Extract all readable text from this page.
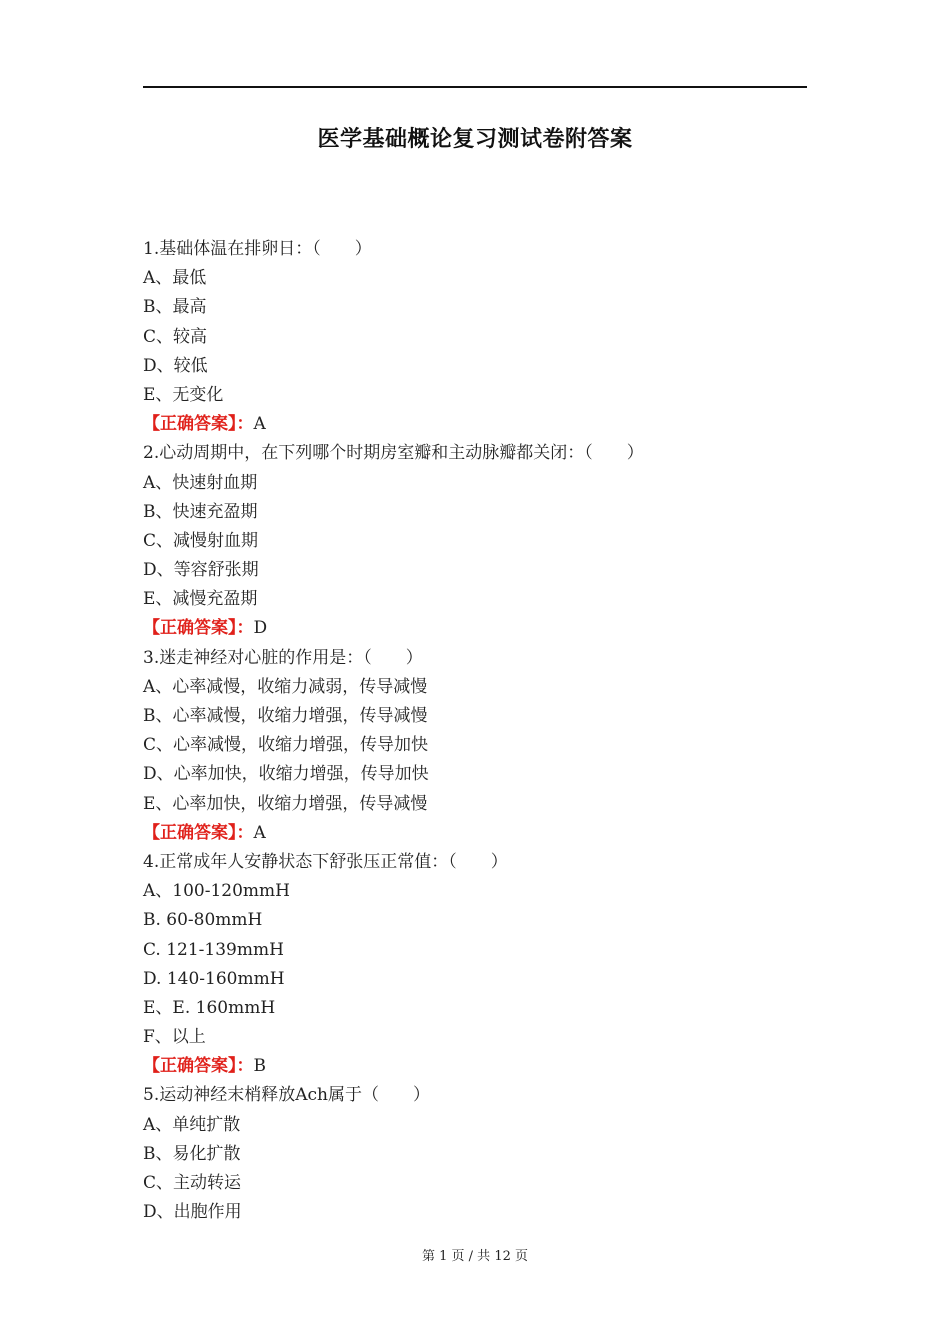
医学基础概论复习测试卷附答案
1.基础体温在排卵日：（　　）
A、最低
B、最高
C、较高
D、较低
E、无变化
【正确答案】：A
2.心动周期中，在下列哪个时期房室瓣和主动脉瓣都关闭：（　　）
A、快速射血期
B、快速充盈期
C、减慢射血期
D、等容舒张期
E、减慢充盈期
【正确答案】：D
3.迷走神经对心脏的作用是：（　　）
A、心率减慢，收缩力减弱，传导减慢
B、心率减慢，收缩力增强，传导减慢
C、心率减慢，收缩力增强，传导加快
D、心率加快，收缩力增强，传导加快
E、心率加快，收缩力增强，传导减慢
【正确答案】：A
4.正常成年人安静状态下舒张压正常值：（　　）
A、100-120mmH
B. 60-80mmH
C. 121-139mmH
D. 140-160mmH
E、E. 160mmH
F、以上
【正确答案】：B
5.运动神经末梢释放Ach属于（　　）
A、单纯扩散
B、易化扩散
C、主动转运
D、出胞作用
第 1 页 / 共 12 页
